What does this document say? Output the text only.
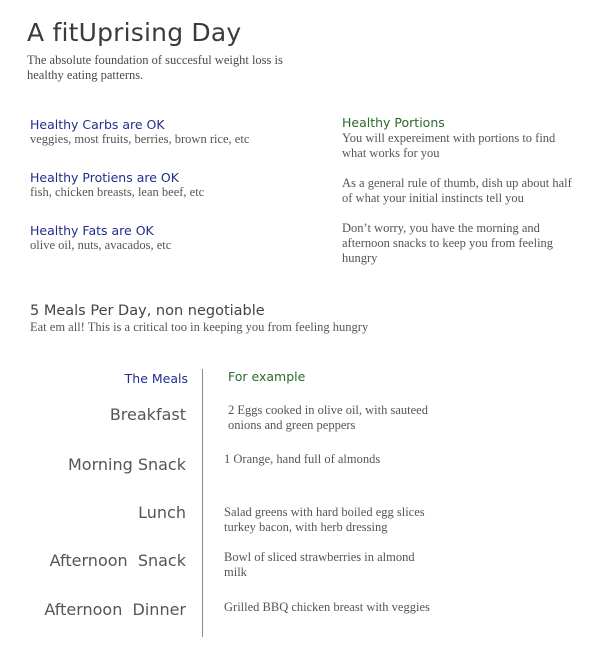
A fitUprising Day
The absolute foundation of succesful weight loss is healthy eating patterns.
Healthy Carbs are OK
veggies, most fruits, berries, brown rice, etc
Healthy Protiens are OK
fish, chicken breasts, lean beef, etc
Healthy Fats are OK
olive oil, nuts, avacados, etc
Healthy Portions
You will expereiment with portions to find what works for you
As a general rule of thumb, dish up about half of what your initial instincts tell you
Don’t worry, you have the morning and afternoon snacks to keep you from feeling hungry
5 Meals Per Day, non negotiable
Eat em all! This is a critical too in keeping you from feeling hungry
The Meals	For example
Breakfast	2 Eggs cooked in olive oil, with sauteed onions and green peppers
Morning Snack	1 Orange, hand full of almonds
Lunch	Salad greens with hard boiled egg slices turkey bacon, with herb dressing
Afternoon  Snack	Bowl of sliced strawberries in almond milk
Afternoon  Dinner	Grilled BBQ chicken breast with veggies
